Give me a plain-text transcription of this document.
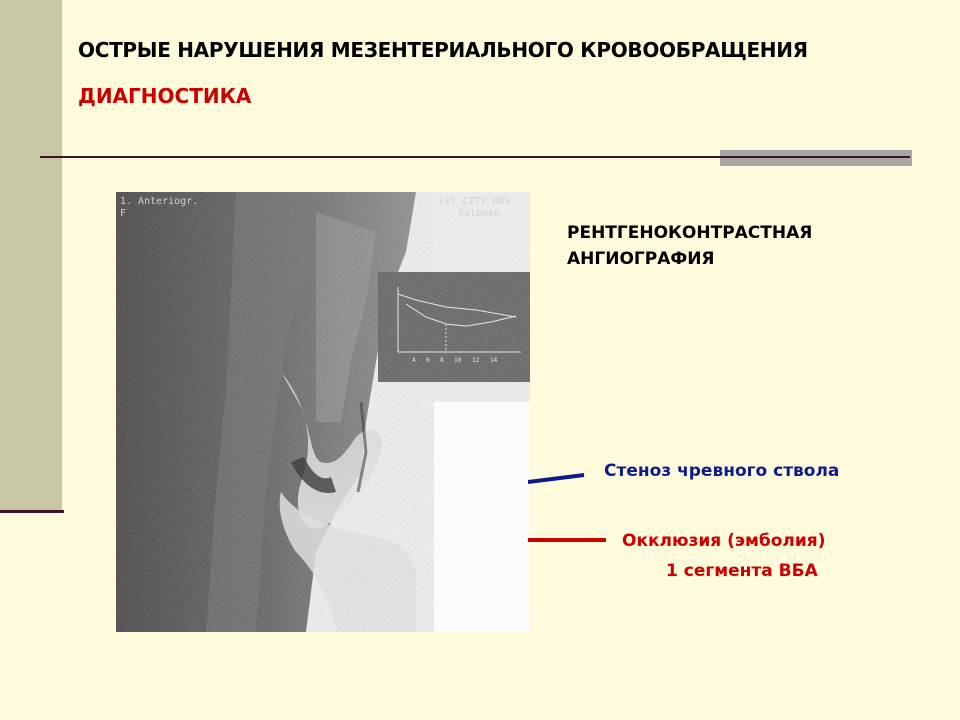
ОСТРЫЕ НАРУШЕНИЯ МЕЗЕНТЕРИАЛЬНОГО КРОВООБРАЩЕНИЯ
ДИАГНОСТИКА
4 6 8 10 12 14
1. Anteriogr.
F
ist CITY HOS
Solonko
РЕНТГЕНОКОНТРАСТНАЯ
АНГИОГРАФИЯ
Стеноз чревного ствола
Окклюзия (эмболия)
1 сегмента ВБА
